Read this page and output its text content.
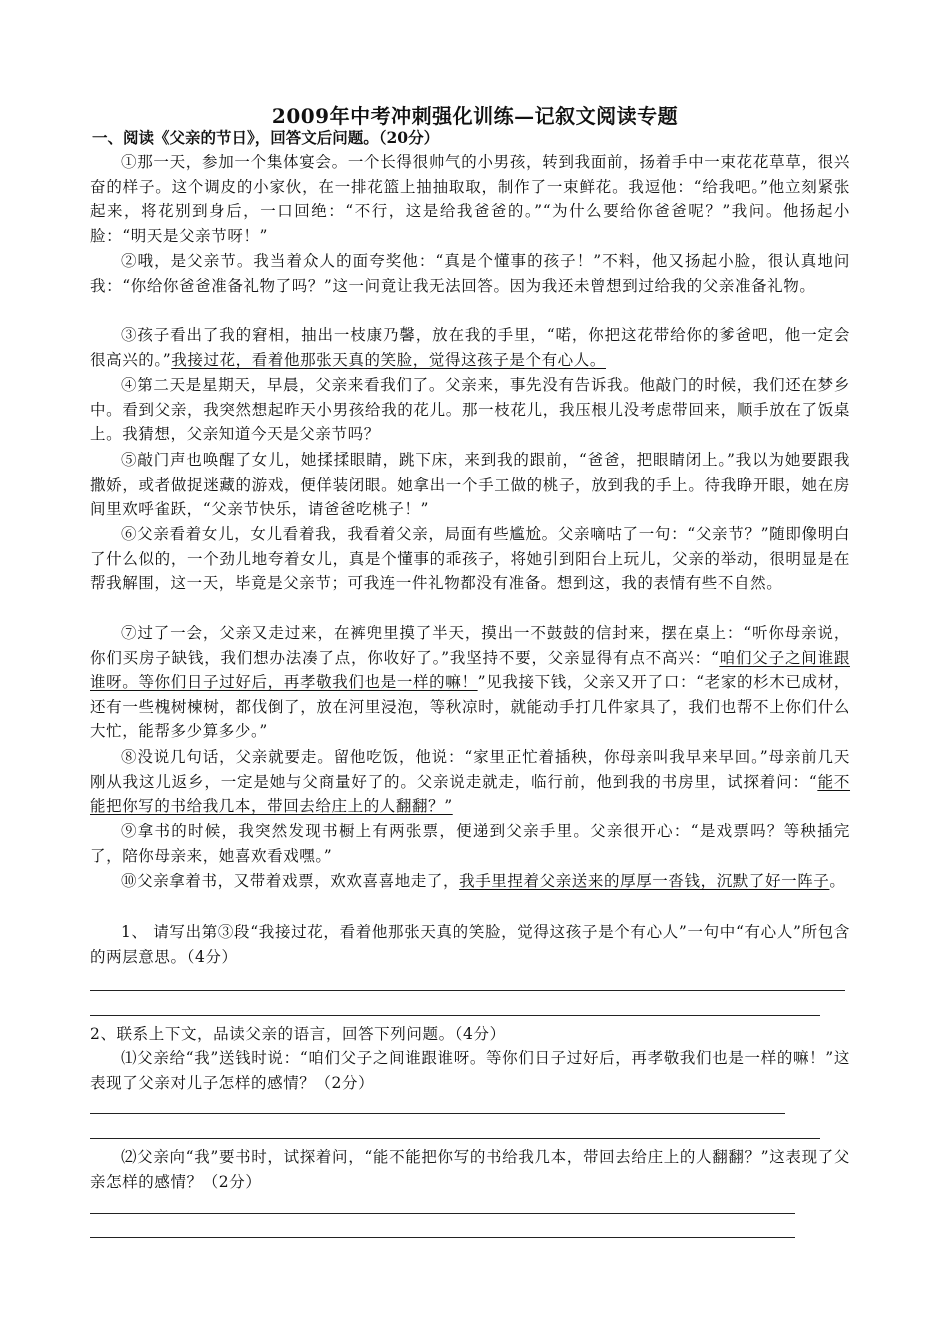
2009年中考冲刺强化训练—记叙文阅读专题
一、阅读《父亲的节日》，回答文后问题。（20分）

①那一天，参加一个集体宴会。一个长得很帅气的小男孩，转到我面前，扬着手中一束花花草草，很兴奋的样子。这个调皮的小家伙，在一排花篮上抽抽取取，制作了一束鲜花。我逗他：“给我吧。”他立刻紧张起来，将花别到身后，一口回绝：“不行，这是给我爸爸的。”“为什么要给你爸爸呢？”我问。他扬起小脸：“明天是父亲节呀！”

②哦，是父亲节。我当着众人的面夸奖他：“真是个懂事的孩子！”不料，他又扬起小脸，很认真地问我：“你给你爸爸准备礼物了吗？”这一问竟让我无法回答。因为我还未曾想到过给我的父亲准备礼物。

③孩子看出了我的窘相，抽出一枝康乃馨，放在我的手里，“喏，你把这花带给你的爹爸吧，他一定会很高兴的。”我接过花，看着他那张天真的笑脸，觉得这孩子是个有心人。

④第二天是星期天，早晨，父亲来看我们了。父亲来，事先没有告诉我。他敲门的时候，我们还在梦乡中。看到父亲，我突然想起昨天小男孩给我的花儿。那一枝花儿，我压根儿没考虑带回来，顺手放在了饭桌上。我猜想，父亲知道今天是父亲节吗？

⑤敲门声也唤醒了女儿，她揉揉眼睛，跳下床，来到我的跟前，“爸爸，把眼睛闭上。”我以为她要跟我撒娇，或者做捉迷藏的游戏，便佯装闭眼。她拿出一个手工做的桃子，放到我的手上。待我睁开眼，她在房间里欢呼雀跃，“父亲节快乐，请爸爸吃桃子！”

⑥父亲看着女儿，女儿看着我，我看着父亲，局面有些尴尬。父亲嘀咕了一句：“父亲节？”随即像明白了什么似的，一个劲儿地夸着女儿，真是个懂事的乖孩子，将她引到阳台上玩儿，父亲的举动，很明显是在帮我解围，这一天，毕竟是父亲节；可我连一件礼物都没有准备。想到这，我的表情有些不自然。

⑦过了一会，父亲又走过来，在裤兜里摸了半天，摸出一不鼓鼓的信封来，摆在桌上：“听你母亲说，你们买房子缺钱，我们想办法凑了点，你收好了。”我坚持不要，父亲显得有点不高兴：“咱们父子之间谁跟谁呀。等你们日子过好后，再孝敬我们也是一样的嘛！”见我接下钱，父亲又开了口：“老家的杉木已成材，还有一些槐树楝树，都伐倒了，放在河里浸泡，等秋凉时，就能动手打几件家具了，我们也帮不上你们什么大忙，能帮多少算多少。”

⑧没说几句话，父亲就要走。留他吃饭，他说：“家里正忙着插秧，你母亲叫我早来早回。”母亲前几天刚从我这儿返乡，一定是她与父商量好了的。父亲说走就走，临行前，他到我的书房里，试探着问：“能不能把你写的书给我几本，带回去给庄上的人翻翻？”

⑨拿书的时候，我突然发现书橱上有两张票，便递到父亲手里。父亲很开心：“是戏票吗？等秧插完了，陪你母亲来，她喜欢看戏嘿。”

⑩父亲拿着书，又带着戏票，欢欢喜喜地走了，我手里捏着父亲送来的厚厚一沓钱，沉默了好一阵子。

1、 请写出第③段“我接过花，看着他那张天真的笑脸，觉得这孩子是个有心人”一句中“有心人”所包含的两层意思。（4分）

2、联系上下文，品读父亲的语言，回答下列问题。（4分）

⑴父亲给“我”送钱时说：“咱们父子之间谁跟谁呀。等你们日子过好后，再孝敬我们也是一样的嘛！”这表现了父亲对儿子怎样的感情？（2分）

⑵父亲向“我”要书时，试探着问，“能不能把你写的书给我几本，带回去给庄上的人翻翻？”这表现了父亲怎样的感情？（2分）
